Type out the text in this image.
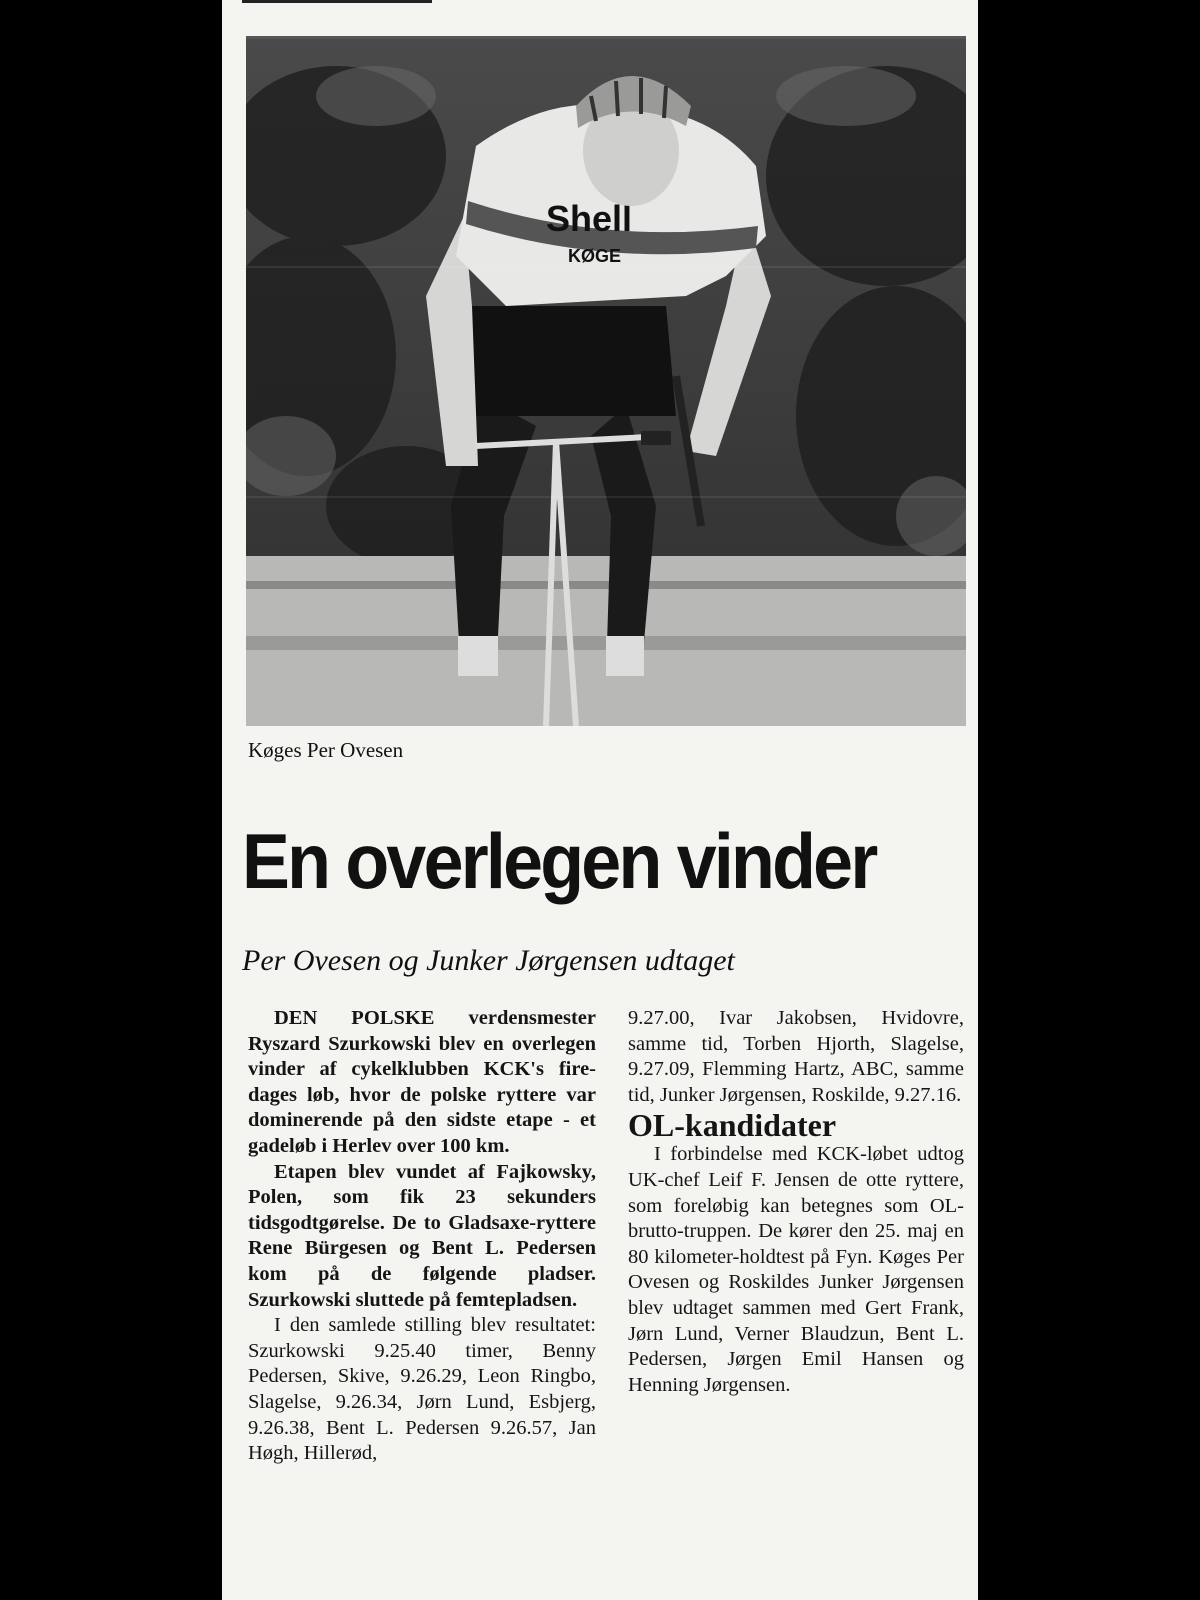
Shell
KØGE
Køges Per Ovesen
En overlegen vinder
Per Ovesen og Junker Jørgensen udtaget

DEN POLSKE verdensmester Ryszard Szurkowski blev en overlegen vinder af cykelklubben KCK's fire-dages løb, hvor de polske ryttere var dominerende på den sidste etape - et gadeløb i Herlev over 100 km.

Etapen blev vundet af Fajkowsky, Polen, som fik 23 sekunders tidsgodtgørelse. De to Gladsaxe-ryttere Rene Bürgesen og Bent L. Pedersen kom på de følgende pladser. Szurkowski sluttede på femtepladsen.

I den samlede stilling blev resultatet: Szurkowski 9.25.40 timer, Benny Pedersen, Skive, 9.26.29, Leon Ringbo, Slagelse, 9.26.34, Jørn Lund, Esbjerg, 9.26.38, Bent L. Pedersen 9.26.57, Jan Høgh, Hillerød,

9.27.00, Ivar Jakobsen, Hvidovre, samme tid, Torben Hjorth, Slagelse, 9.27.09, Flemming Hartz, ABC, samme tid, Junker Jørgensen, Roskilde, 9.27.16.

OL-kandidater

I forbindelse med KCK-løbet udtog UK-chef Leif F. Jensen de otte ryttere, som foreløbig kan betegnes som OL-brutto-truppen. De kører den 25. maj en 80 kilometer-holdtest på Fyn. Køges Per Ovesen og Roskildes Junker Jørgensen blev udtaget sammen med Gert Frank, Jørn Lund, Verner Blaudzun, Bent L. Pedersen, Jørgen Emil Hansen og Henning Jørgensen.
